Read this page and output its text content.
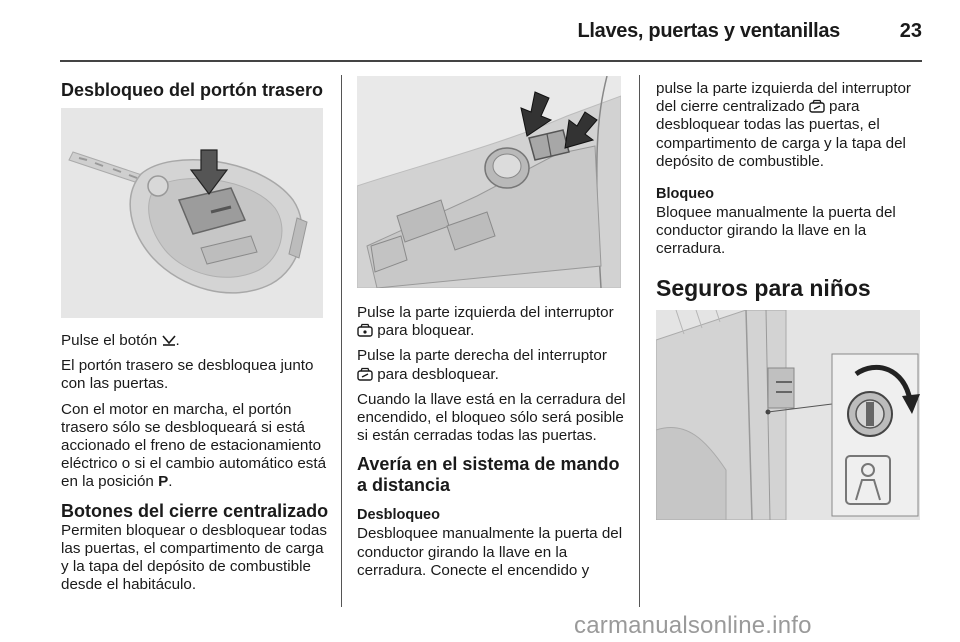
Llaves, puertas y ventanillas	23
Desbloqueo del portón trasero

Pulse el botón .

El portón trasero se desbloquea junto con las puertas.

Con el motor en marcha, el portón trasero sólo se desbloqueará si está accionado el freno de estacionamiento eléctrico o si el cambio automático está en la posición P.

Botones del cierre centralizado

Permiten bloquear o desbloquear todas las puertas, el compartimento de carga y la tapa del depósito de combustible desde el habitáculo.

Pulse la parte izquierda del interruptor  para bloquear.

Pulse la parte derecha del interruptor  para desbloquear.

Cuando la llave está en la cerradura del encendido, el bloqueo sólo será posible si están cerradas todas las puertas.

Avería en el sistema de mando a distancia
Desbloqueo

Desbloquee manualmente la puerta del conductor girando la llave en la cerradura. Conecte el encendido y

pulse la parte izquierda del interruptor del cierre centralizado para desbloquear todas las puertas, el compartimento de carga y la tapa del depósito de combustible.

Bloqueo

Bloquee manualmente la puerta del conductor girando la llave en la cerradura.

Seguros para niños
carmanualsonline.info
